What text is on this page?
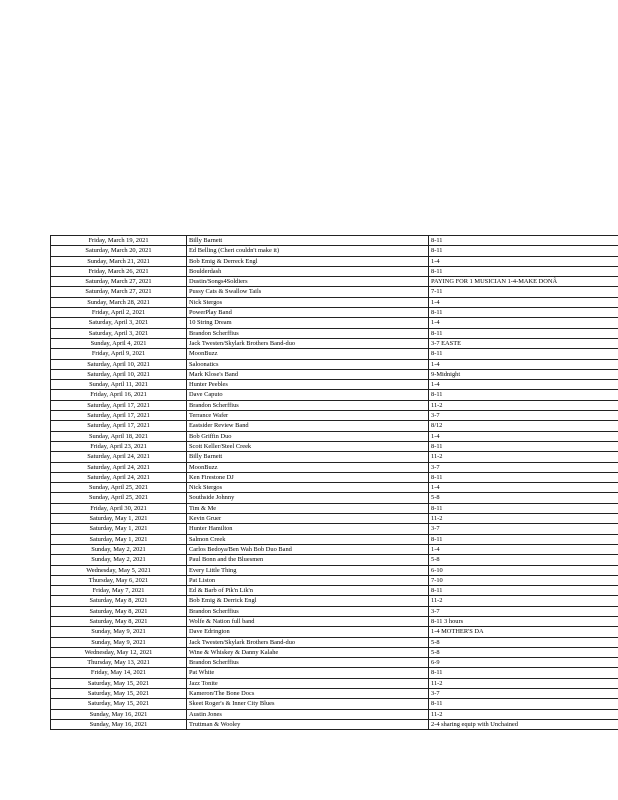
Friday, March 19, 2021	Billy Barnett	8-11
Saturday, March 20, 2021	Ed Belling (Cheri couldn't make it)	8-11
Sunday, March 21, 2021	Bob Emig & Derreck Engl	1-4
Friday, March 26, 2021	Boulderdash	8-11
Saturday, March 27, 2021	Dustin/Songs4Soldiers	PAYING FOR 1 MUSICIAN 1-4-MAKE DONÂ
Saturday, March 27, 2021	Pussy Cats & Swallow Tails	7-11
Sunday, March 28, 2021	Nick Stergos	1-4
Friday, April 2, 2021	PowerPlay Band	8-11
Saturday, April 3, 2021	10 String Dream	1-4
Saturday, April 3, 2021	Brandon Scherffius	8-11
Sunday, April 4, 2021	Jack Twesten/Skylark Brothers Band-duo	3-7 EASTE
Friday, April 9, 2021	MoonBuzz	8-11
Saturday, April 10, 2021	Saloonatics	1-4
Saturday, April 10, 2021	Mark Klose's Band	9-Midnight
Sunday, April 11, 2021	Hunter Peebles	1-4
Friday, April 16, 2021	Dave Caputo	8-11
Saturday, April 17, 2021	Brandon Scherffius	11-2
Saturday, April 17, 2021	Terrance Wafer	3-7
Saturday, April 17, 2021	Eastsider Review Band	8/12
Sunday, April 18, 2021	Bob Griffin Duo	1-4
Friday, April 23, 2021	Scott Keller/Steel Creek	8-11
Saturday, April 24, 2021	Billy Barnett	11-2
Saturday, April 24, 2021	MoonBuzz	3-7
Saturday, April 24, 2021	Ken Firestone DJ	8-11
Sunday, April 25, 2021	Nick Stergos	1-4
Sunday, April 25, 2021	Southside Johnny	5-8
Friday, April 30, 2021	Tim & Me	8-11
Saturday, May 1, 2021	Kevin Gruer	11-2
Saturday, May 1, 2021	Hunter Hamilton	3-7
Saturday, May 1, 2021	Salmon Creek	8-11
Sunday, May 2, 2021	Carlos Bedoya/Ben Wah Bob Duo Band	1-4
Sunday, May 2, 2021	Paul Bonn and the Bluesmen	5-8
Wednesday, May 5, 2021	Every Little Thing	6-10
Thursday, May 6, 2021	Pat Liston	7-10
Friday, May 7, 2021	Ed & Barb of Pik'n Lik'n	8-11
Saturday, May 8, 2021	Bob Emig & Derrick Engl	11-2
Saturday, May 8, 2021	Brandon Scherffius	3-7
Saturday, May 8, 2021	Wolfe & Nation full band	8-11 3 hours
Sunday, May 9, 2021	Dave Edrington	1-4 MOTHER'S DA
Sunday, May 9, 2021	Jack Twesten/Skylark Brothers Band-duo	5-8
Wednesday, May 12, 2021	Wine & Whiskey & Danny Kalahe	5-8
Thursday, May 13, 2021	Brandon Scherffius	6-9
Friday, May 14, 2021	Pat White	8-11
Saturday, May 15, 2021	Jazz Tonite	11-2
Saturday, May 15, 2021	Kameron/The Bone Docs	3-7
Saturday, May 15, 2021	Skeet Roger's & Inner City Blues	8-11
Sunday, May 16, 2021	Austin Jones	11-2
Sunday, May 16, 2021	Truttman & Wooley	2-4 sharing equip with Unchained
